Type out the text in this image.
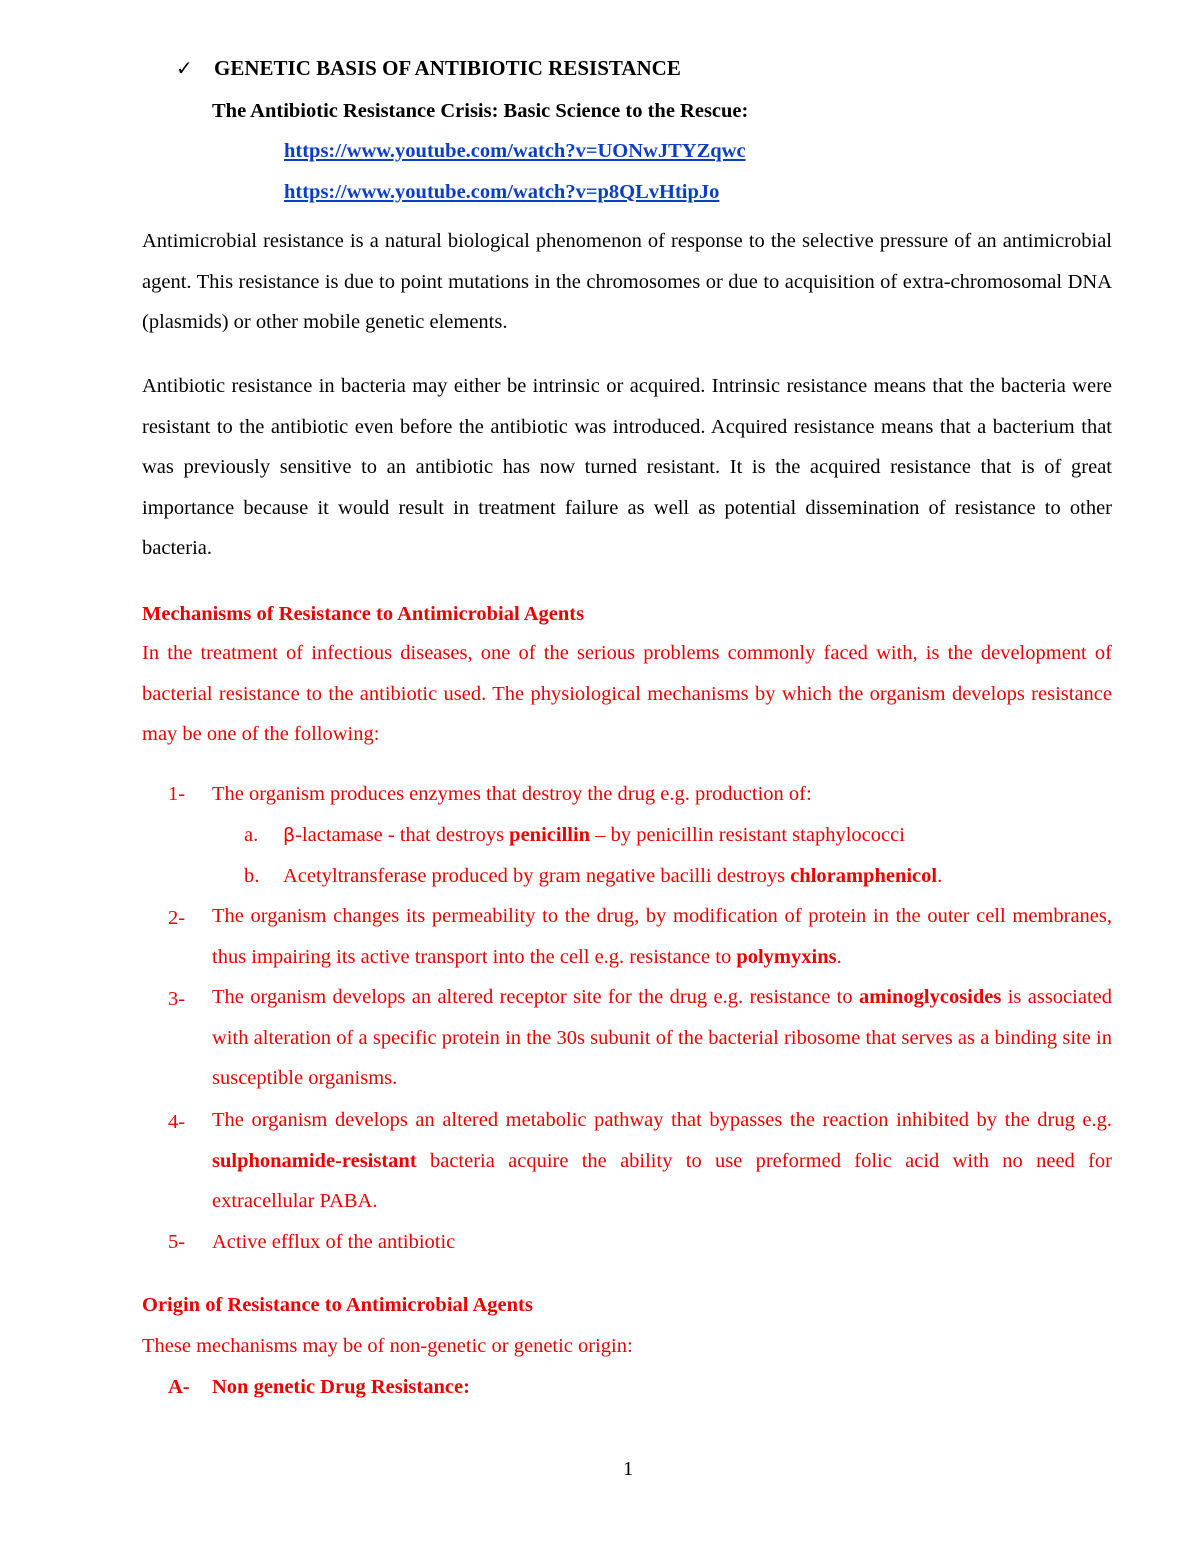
✓ GENETIC BASIS OF ANTIBIOTIC RESISTANCE
The Antibiotic Resistance Crisis: Basic Science to the Rescue:
https://www.youtube.com/watch?v=UONwJTYZqwc
https://www.youtube.com/watch?v=p8QLvHtipJo
Antimicrobial resistance is a natural biological phenomenon of response to the selective pressure of an antimicrobial agent. This resistance is due to point mutations in the chromosomes or due to acquisition of extra-chromosomal DNA (plasmids) or other mobile genetic elements.
Antibiotic resistance in bacteria may either be intrinsic or acquired. Intrinsic resistance means that the bacteria were resistant to the antibiotic even before the antibiotic was introduced. Acquired resistance means that a bacterium that was previously sensitive to an antibiotic has now turned resistant. It is the acquired resistance that is of great importance because it would result in treatment failure as well as potential dissemination of resistance to other bacteria.
Mechanisms of Resistance to Antimicrobial Agents
In the treatment of infectious diseases, one of the serious problems commonly faced with, is the development of bacterial resistance to the antibiotic used. The physiological mechanisms by which the organism develops resistance may be one of the following:
1- The organism produces enzymes that destroy the drug e.g. production of:
a. β-lactamase - that destroys penicillin – by penicillin resistant staphylococci
b. Acetyltransferase produced by gram negative bacilli destroys chloramphenicol.
2- The organism changes its permeability to the drug, by modification of protein in the outer cell membranes, thus impairing its active transport into the cell e.g. resistance to polymyxins.
3- The organism develops an altered receptor site for the drug e.g. resistance to aminoglycosides is associated with alteration of a specific protein in the 30s subunit of the bacterial ribosome that serves as a binding site in susceptible organisms.
4- The organism develops an altered metabolic pathway that bypasses the reaction inhibited by the drug e.g. sulphonamide-resistant bacteria acquire the ability to use preformed folic acid with no need for extracellular PABA.
5- Active efflux of the antibiotic
Origin of Resistance to Antimicrobial Agents
These mechanisms may be of non-genetic or genetic origin:
A- Non genetic Drug Resistance:
1
